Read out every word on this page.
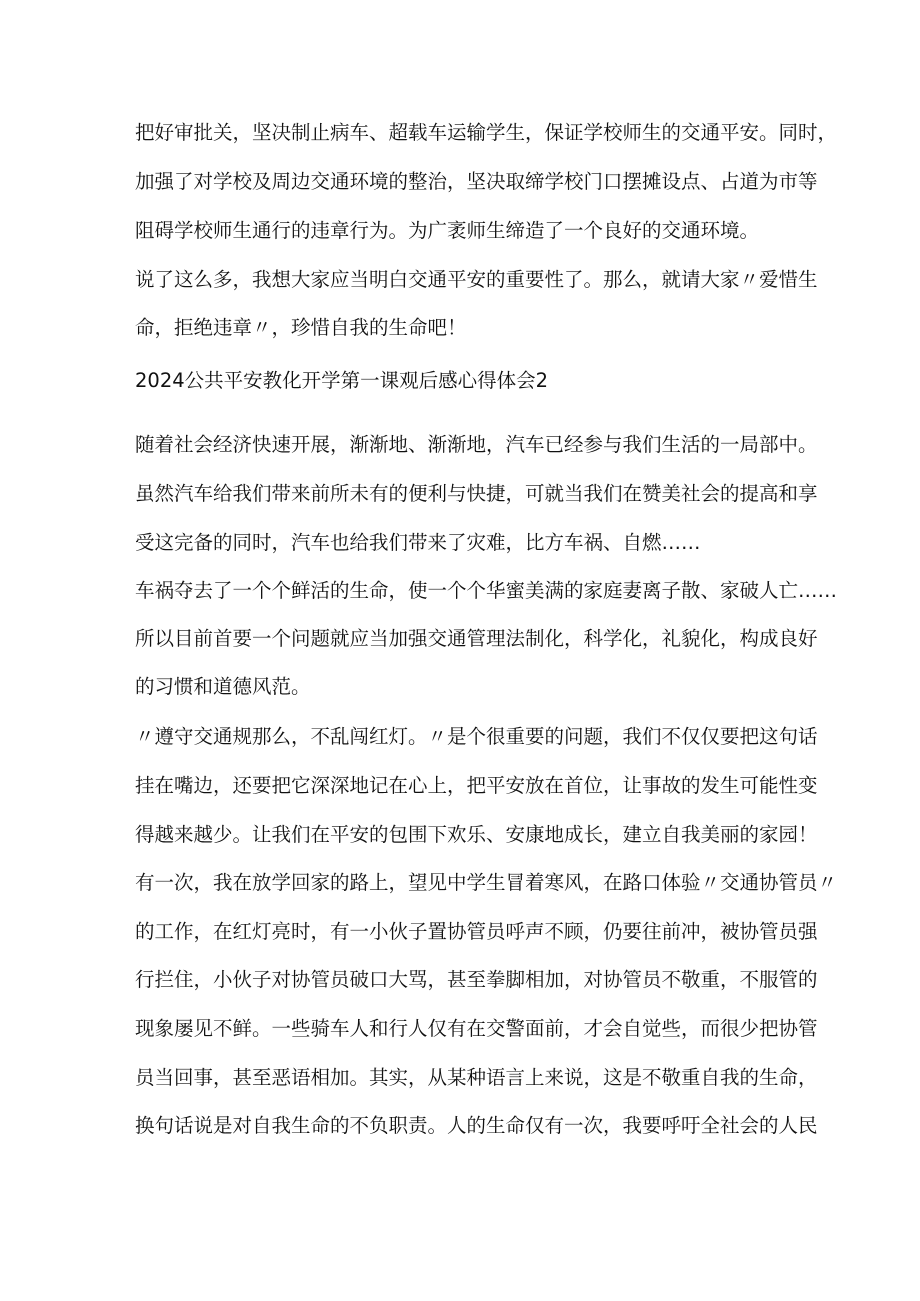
把好审批关，坚决制止病车、超载车运输学生，保证学校师生的交通平安。同时，
加强了对学校及周边交通环境的整治，坚决取缔学校门口摆摊设点、占道为市等
阻碍学校师生通行的违章行为。为广袤师生缔造了一个良好的交通环境。
说了这么多，我想大家应当明白交通平安的重要性了。那么，就请大家〃爱惜生
命，拒绝违章〃，珍惜自我的生命吧！
2024公共平安教化开学第一课观后感心得体会2
随着社会经济快速开展，渐渐地、渐渐地，汽车已经参与我们生活的一局部中。
虽然汽车给我们带来前所未有的便利与快捷，可就当我们在赞美社会的提高和享
受这完备的同时，汽车也给我们带来了灾难，比方车祸、自燃……
车祸夺去了一个个鲜活的生命，使一个个华蜜美满的家庭妻离子散、家破人亡……
所以目前首要一个问题就应当加强交通管理法制化，科学化，礼貌化，构成良好
的习惯和道德风范。
〃遵守交通规那么，不乱闯红灯。〃是个很重要的问题，我们不仅仅要把这句话
挂在嘴边，还要把它深深地记在心上，把平安放在首位，让事故的发生可能性变
得越来越少。让我们在平安的包围下欢乐、安康地成长，建立自我美丽的家园！
有一次，我在放学回家的路上，望见中学生冒着寒风，在路口体验〃交通协管员〃
的工作，在红灯亮时，有一小伙子置协管员呼声不顾，仍要往前冲，被协管员强
行拦住，小伙子对协管员破口大骂，甚至拳脚相加，对协管员不敬重，不服管的
现象屡见不鲜。一些骑车人和行人仅有在交警面前，才会自觉些，而很少把协管
员当回事，甚至恶语相加。其实，从某种语言上来说，这是不敬重自我的生命，
换句话说是对自我生命的不负职责。人的生命仅有一次，我要呼吁全社会的人民
